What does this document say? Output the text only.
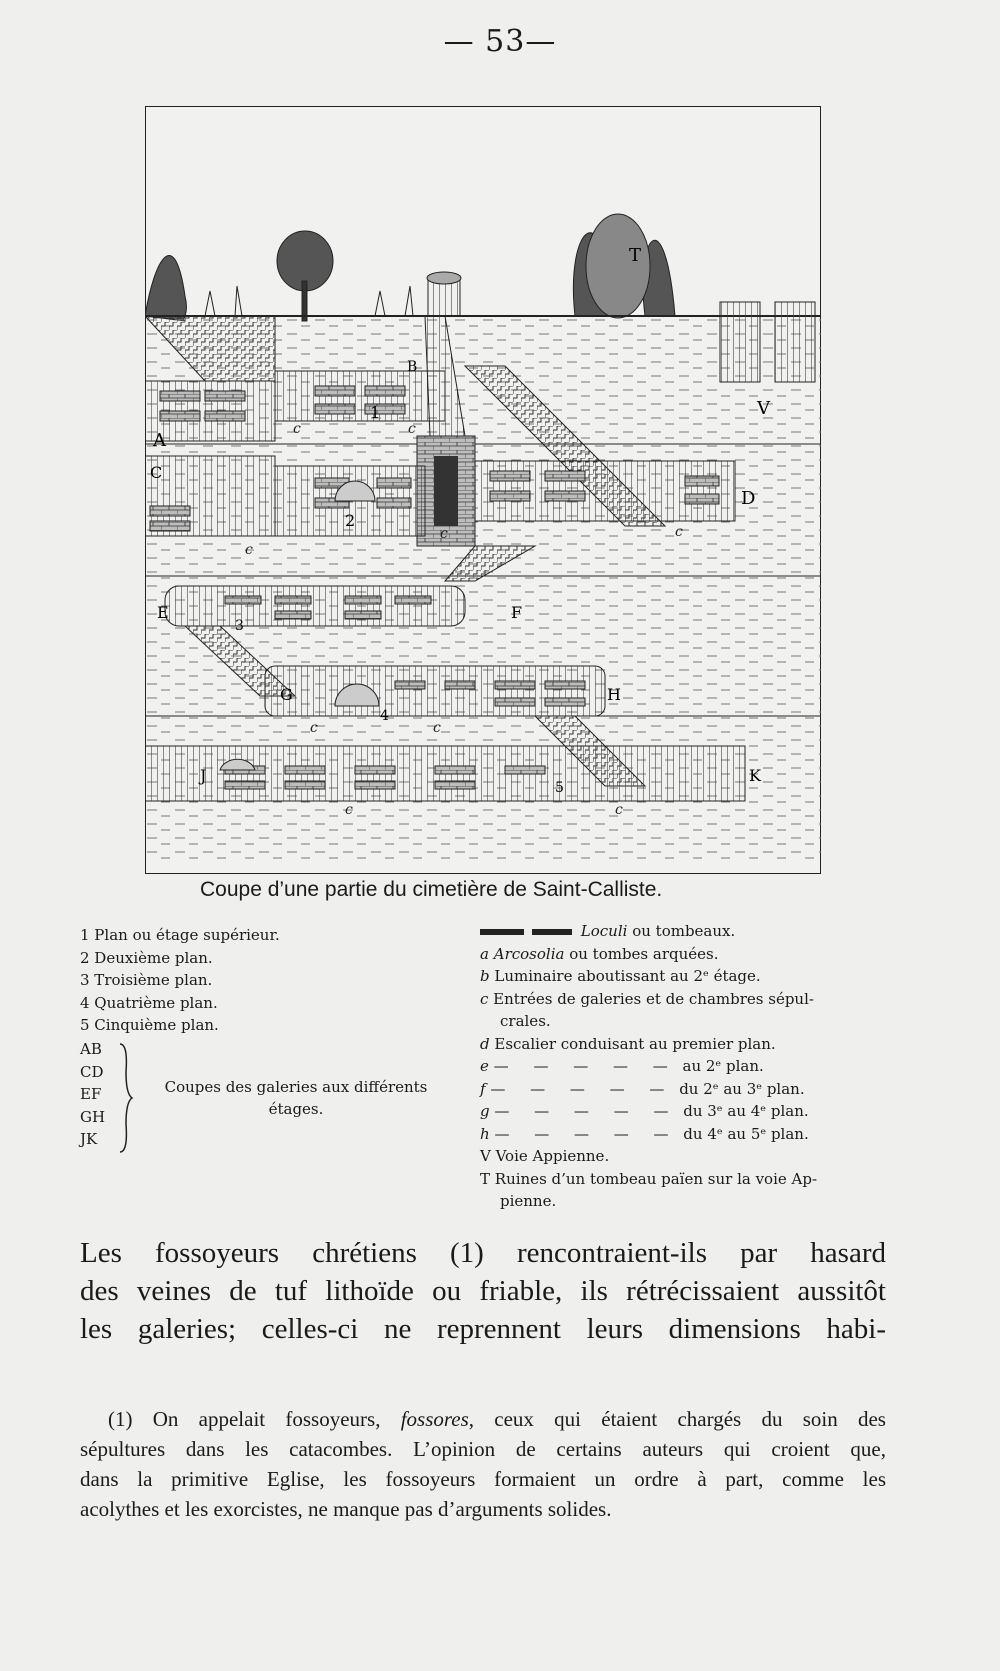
— 53—
T
V
A
B
1
C
D
2
E	F
3
G	H
4
J	K
5
c	c
c	c
c
c	c
c	c
Coupe d’une partie du cimetière de Saint-Calliste.
1 Plan ou étage supérieur.
2 Deuxième plan.
3 Troisième plan.
4 Quatrième plan.
5 Cinquième plan.
AB
CD
EF
GH
JK
Coupes des galeries aux différents
étages.
Loculi ou tombeaux.
a Arcosolia ou tombes arquées.
b Luminaire aboutissant au 2ᵉ étage.
c Entrées de galeries et de chambres sépul-
crales.
d Escalier conduisant au premier plan.
e — — — — — au 2ᵉ plan.
f — — — — — du 2ᵉ au 3ᵉ plan.
g — — — — — du 3ᵉ au 4ᵉ plan.
h — — — — — du 4ᵉ au 5ᵉ plan.
V Voie Appienne.
T Ruines d’un tombeau païen sur la voie Ap-
pienne.
Les fossoyeurs chrétiens (1) rencontraient-ils par hasard
des veines de tuf lithoïde ou friable, ils rétrécissaient aussitôt
les galeries; celles-ci ne reprennent leurs dimensions habi-
(1) On appelait fossoyeurs, fossores, ceux qui étaient chargés du soin des
sépultures dans les catacombes. L’opinion de certains auteurs qui croient que,
dans la primitive Eglise, les fossoyeurs formaient un ordre à part, comme les
acolythes et les exorcistes, ne manque pas d’arguments solides.
